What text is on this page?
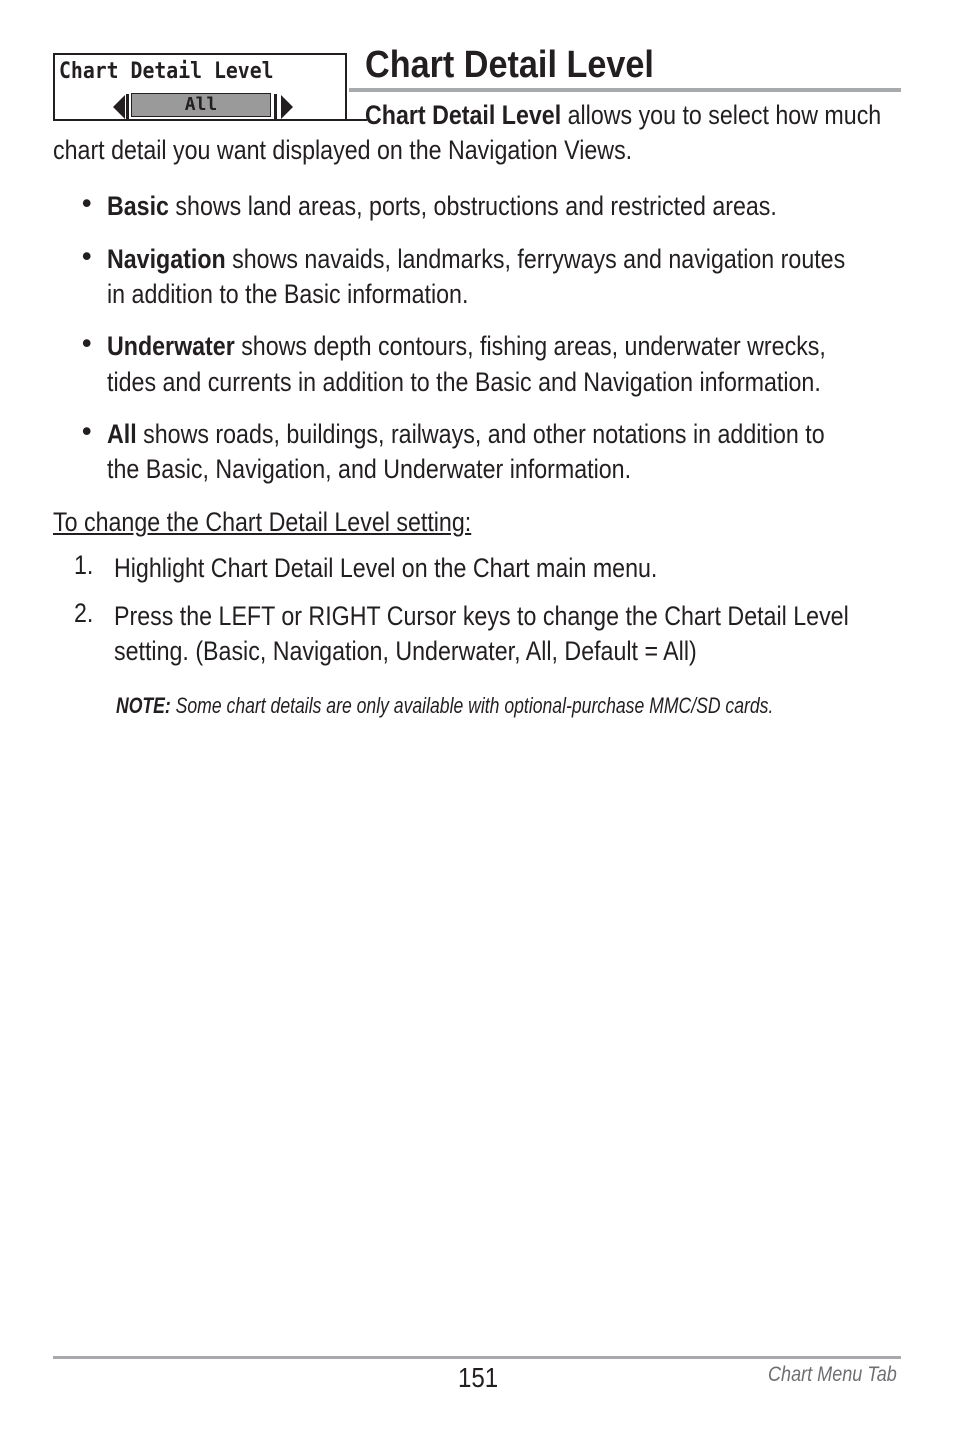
Chart Detail Level
All
Chart Detail Level
Chart Detail Level allows you to select how much
chart detail you want displayed on the Navigation Views.
• Basic shows land areas, ports, obstructions and restricted areas.
• Navigation shows navaids, landmarks, ferryways and navigation routes
in addition to the Basic information.
• Underwater shows depth contours, fishing areas, underwater wrecks,
tides and currents in addition to the Basic and Navigation information.
• All shows roads, buildings, railways, and other notations in addition to
the Basic, Navigation, and Underwater information.
To change the Chart Detail Level setting:
1. Highlight Chart Detail Level on the Chart main menu.
2. Press the LEFT or RIGHT Cursor keys to change the Chart Detail Level
setting. (Basic, Navigation, Underwater, All, Default = All)
NOTE: Some chart details are only available with optional-purchase MMC/SD cards.
151	Chart Menu Tab
